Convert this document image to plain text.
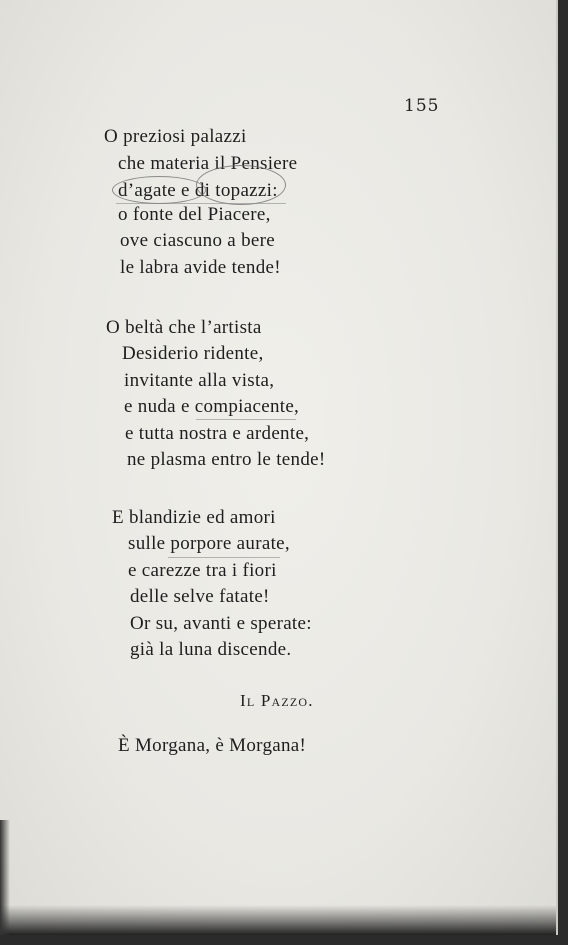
155
O preziosi palazzi
che materia il Pensiere
d’agate e di topazzi:
o fonte del Piacere,
ove ciascuno a bere
le labra avide tende!
O beltà che l’artista
Desiderio ridente,
invitante alla vista,
e nuda e compiacente,
e tutta nostra e ardente,
ne plasma entro le tende!
E blandizie ed amori
sulle porpore aurate,
e carezze tra i fiori
delle selve fatate!
Or su, avanti e sperate:
già la luna discende.
Il Pazzo.
È Morgana, è Morgana!
